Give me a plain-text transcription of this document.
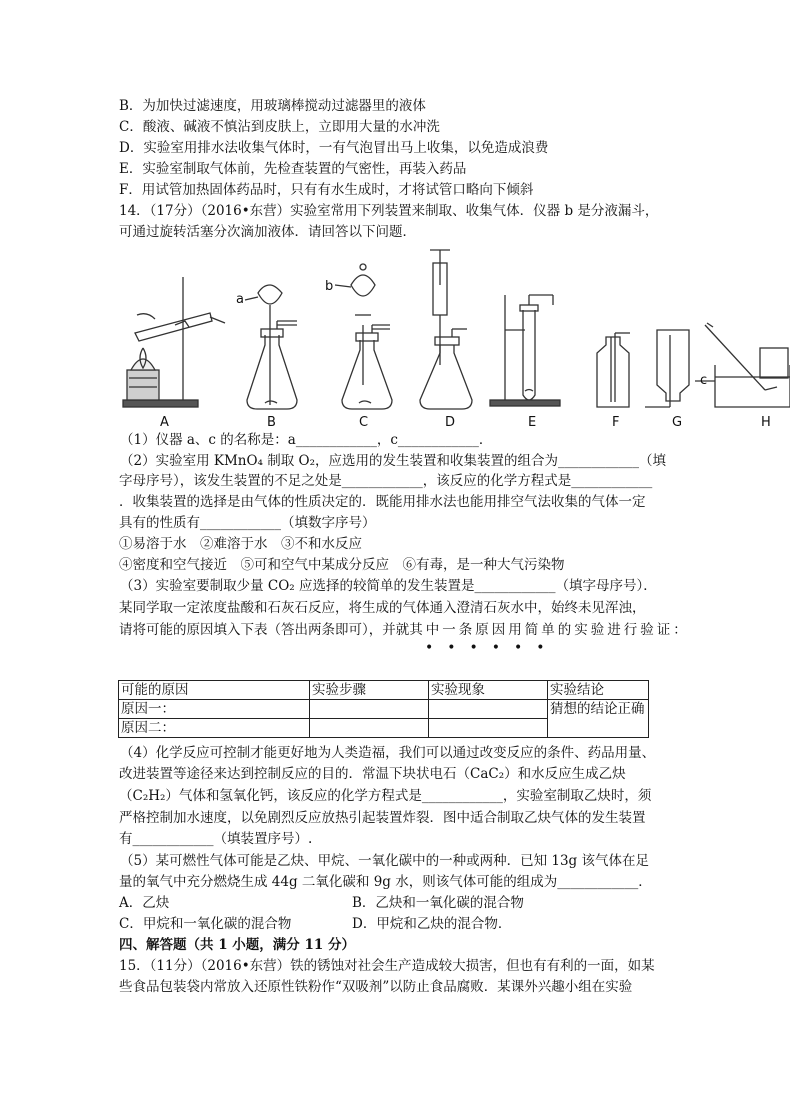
B．为加快过滤速度，用玻璃棒搅动过滤器里的液体
C．酸液、碱液不慎沾到皮肤上，立即用大量的水冲洗
D．实验室用排水法收集气体时，一有气泡冒出马上收集，以免造成浪费
E．实验室制取气体前，先检查装置的气密性，再装入药品
F．用试管加热固体药品时，只有有水生成时，才将试管口略向下倾斜
14．（17分）（2016•东营）实验室常用下列装置来制取、收集气体．仪器 b 是分液漏斗，
可通过旋转活塞分次滴加液体．请回答以下问题．
A	B	C	D	E	F	G	H
a
b
c
（1）仪器 a、c 的名称是：a____________，c____________．
（2）实验室用 KMnO₄ 制取 O₂，应选用的发生装置和收集装置的组合为____________（填
字母序号），该发生装置的不足之处是____________，该反应的化学方程式是____________
．收集装置的选择是由气体的性质决定的．既能用排水法也能用排空气法收集的气体一定
具有的性质有____________（填数字序号）
①易溶于水　②难溶于水　③不和水反应
④密度和空气接近　⑤可和空气中某成分反应　⑥有毒，是一种大气污染物
（3）实验室要制取少量 CO₂ 应选择的较简单的发生装置是____________（填字母序号）．
某同学取一定浓度盐酸和石灰石反应，将生成的气体通入澄清石灰水中，始终未见浑浊，
请将可能的原因填入下表（答出两条即可），并就其中一条原因用简单的实验进行验证：
••••••
可能的原因	实验步骤	实验现象	实验结论
原因一：			猜想的结论正确
原因二：			
（4）化学反应可控制才能更好地为人类造福，我们可以通过改变反应的条件、药品用量、
改进装置等途径来达到控制反应的目的．常温下块状电石（CaC₂）和水反应生成乙炔
（C₂H₂）气体和氢氧化钙，该反应的化学方程式是____________，实验室制取乙炔时，须
严格控制加水速度，以免剧烈反应放热引起装置炸裂．图中适合制取乙炔气体的发生装置
有____________（填装置序号）.
（5）某可燃性气体可能是乙炔、甲烷、一氧化碳中的一种或两种．已知 13g 该气体在足
量的氧气中充分燃烧生成 44g 二氧化碳和 9g 水，则该气体可能的组成为____________．
A．乙炔	B．乙炔和一氧化碳的混合物
C．甲烷和一氧化碳的混合物	D．甲烷和乙炔的混合物．
四、解答题（共 1 小题，满分 11 分）
15．（11分）（2016•东营）铁的锈蚀对社会生产造成较大损害，但也有有利的一面，如某
些食品包装袋内常放入还原性铁粉作“双吸剂”以防止食品腐败．某课外兴趣小组在实验
